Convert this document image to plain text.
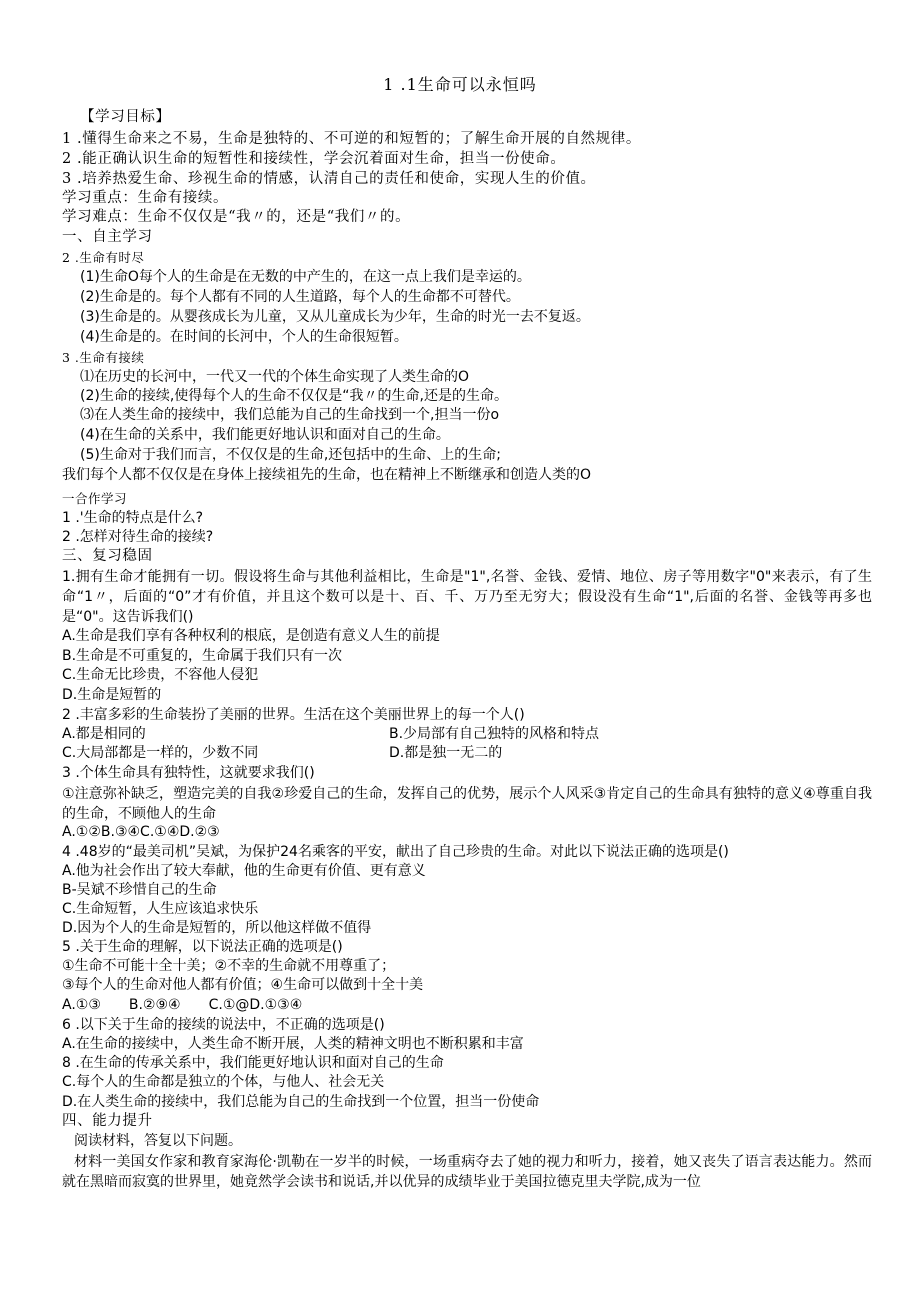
1 .1生命可以永恒吗
【学习目标】
1 .懂得生命来之不易，生命是独特的、不可逆的和短暂的；了解生命开展的自然规律。
2 .能正确认识生命的短暂性和接续性，学会沉着面对生命，担当一份使命。
3 .培养热爱生命、珍视生命的情感，认清自己的责任和使命，实现人生的价值。
学习重点：生命有接续。
学习难点：生命不仅仅是“我〃的，还是“我们〃的。
一、自主学习
2 .生命有时尽
(1)生命O每个人的生命是在无数的中产生的，在这一点上我们是幸运的。
(2)生命是的。每个人都有不同的人生道路，每个人的生命都不可替代。
(3)生命是的。从婴孩成长为儿童，又从儿童成长为少年，生命的时光一去不复返。
(4)生命是的。在时间的长河中，个人的生命很短暂。
3 .生命有接续
⑴在历史的长河中，一代又一代的个体生命实现了人类生命的O
(2)生命的接续,使得每个人的生命不仅仅是“我〃的生命,还是的生命。
⑶在人类生命的接续中，我们总能为自己的生命找到一个,担当一份o
(4)在生命的关系中，我们能更好地认识和面对自己的生命。
(5)生命对于我们而言，不仅仅是的生命,还包括中的生命、上的生命;
我们每个人都不仅仅是在身体上接续祖先的生命，也在精神上不断继承和创造人类的O
一合作学习
1 .'生命的特点是什么?
2 .怎样对待生命的接续?
三、复习稳固
1.拥有生命才能拥有一切。假设将生命与其他利益相比，生命是"1",名誉、金钱、爱情、地位、房子等用数字"0"来表示，有了生命“1〃，后面的“0”才有价值，并且这个数可以是十、百、千、万乃至无穷大；假设没有生命“1",后面的名誉、金钱等再多也是“0"。这告诉我们()
A.生命是我们享有各种权利的根底，是创造有意义人生的前提
B.生命是不可重复的，生命属于我们只有一次
C.生命无比珍贵，不容他人侵犯
D.生命是短暂的
2 .丰富多彩的生命装扮了美丽的世界。生活在这个美丽世界上的每一个人()
A.都是相同的	B.少局部有自己独特的风格和特点
C.大局部都是一样的，少数不同	D.都是独一无二的
3 .个体生命具有独特性，这就要求我们()
①注意弥补缺乏，塑造完美的自我②珍爱自己的生命，发挥自己的优势，展示个人风采③肯定自己的生命具有独特的意义④尊重自我的生命，不顾他人的生命
A.①②B.③④C.①④D.②③
4 .48岁的“最美司机”吴斌，为保护24名乘客的平安，献出了自己珍贵的生命。对此以下说法正确的选项是()
A.他为社会作出了较大奉献，他的生命更有价值、更有意义
B-吴斌不珍惜自己的生命
C.生命短暂，人生应该追求快乐
D.因为个人的生命是短暂的，所以他这样做不值得
5 .关于生命的理解，以下说法正确的选项是()
①生命不可能十全十美；②不幸的生命就不用尊重了；
③每个人的生命对他人都有价值；④生命可以做到十全十美
A.①③　　B.②⑨④　　C.①@D.①③④
6 .以下关于生命的接续的说法中，不正确的选项是()
A.在生命的接续中，人类生命不断开展，人类的精神文明也不断积累和丰富
8 .在生命的传承关系中，我们能更好地认识和面对自己的生命
C.每个人的生命都是独立的个体，与他人、社会无关
D.在人类生命的接续中，我们总能为自己的生命找到一个位置，担当一份使命
四、能力提升
阅读材料，答复以下问题。
材料一美国女作家和教育家海伦·凯勒在一岁半的时候，一场重病夺去了她的视力和听力，接着，她又丧失了语言表达能力。然而就在黑暗而寂寞的世界里，她竟然学会读书和说话,并以优异的成绩毕业于美国拉德克里夫学院,成为一位
